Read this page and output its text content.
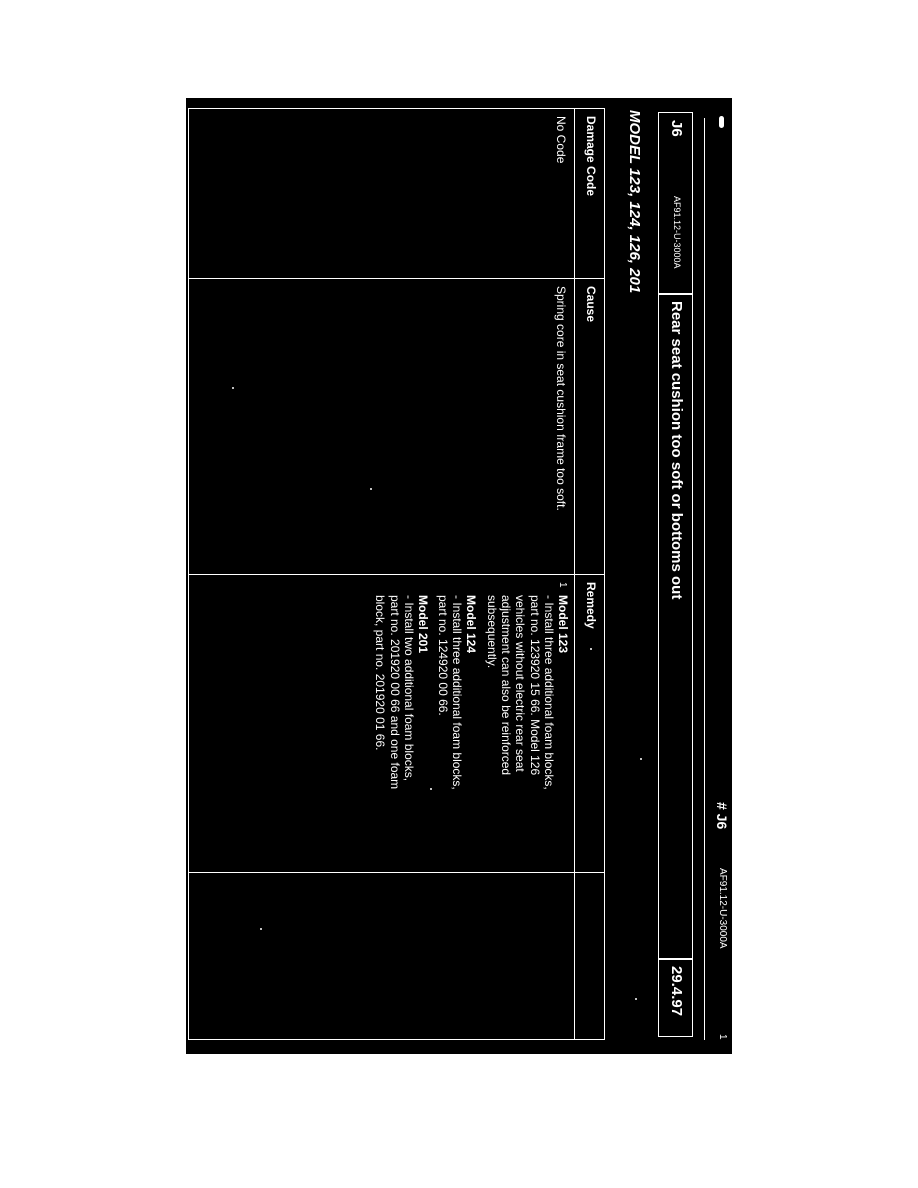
# J6
AF91.12-U-3000A
1
J6
AF91.12-U-3000A
Rear seat cushion too soft or bottoms out
29.4.97
MODEL 123, 124, 126, 201
Damage Code
Cause
Remedy
No Code
Spring core in seat cushion frame too soft.
1
Model 123
- Install three additional foam blocks,
part no. 123920 15 66. Model 126
vehicles without electric rear seat
adjustment can also be reinforced
subsequently.
Model 124
- Install three additional foam blocks,
part no. 124920 00 66.
Model 201
- Install two additional foam blocks,
part no. 201920 00 66 and one foam
block, part no. 201920 01 66.
